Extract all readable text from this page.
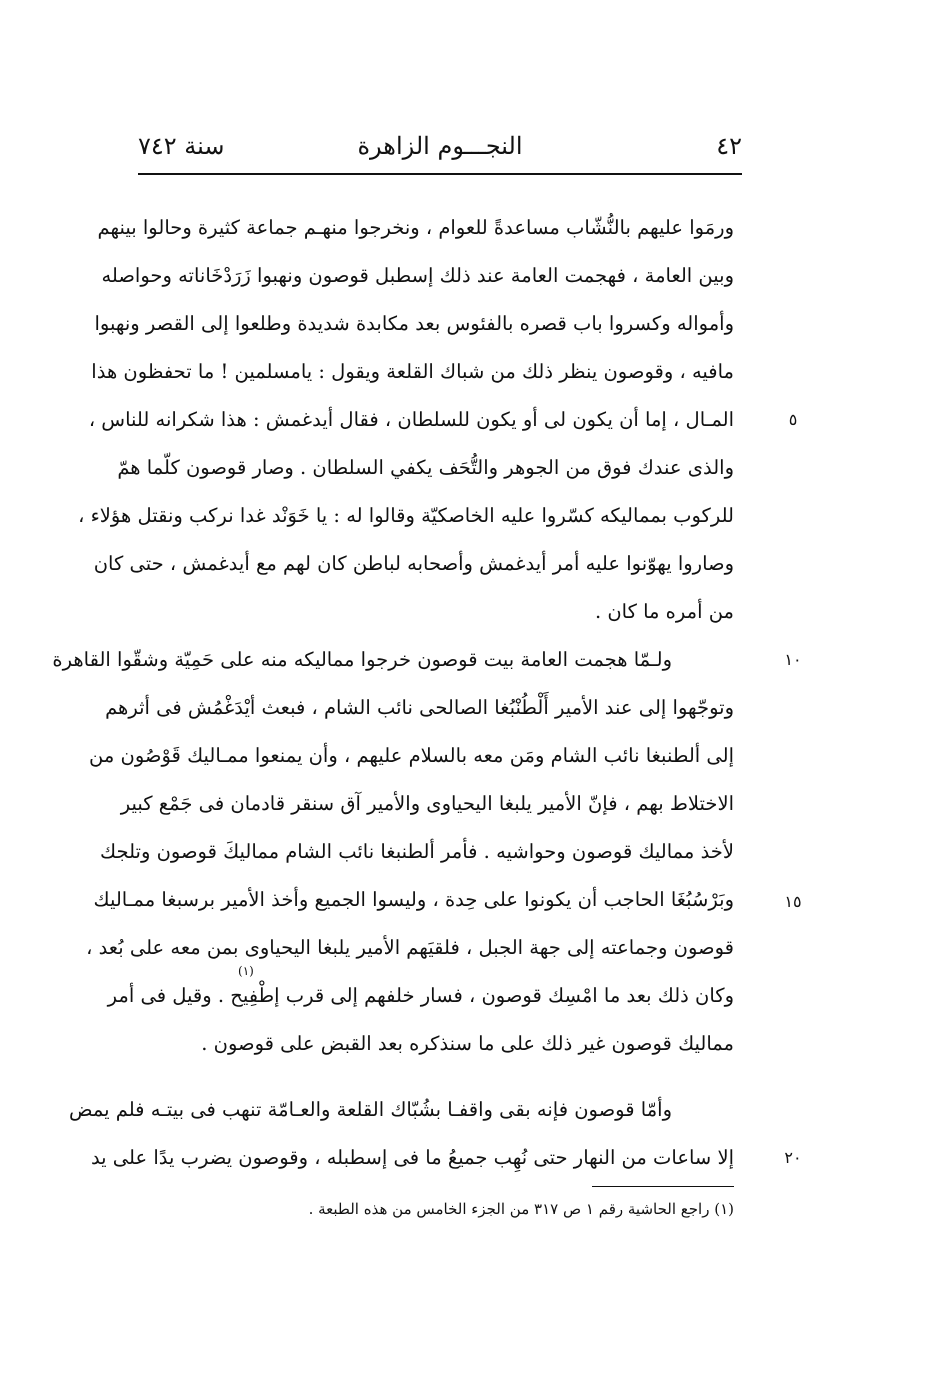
٤٢
النجـــوم الزاهرة
سنة ٧٤٢
ورمَوا عليهم بالنُّشّاب مساعدةً للعوام ، ونخرجوا منهـم جماعة كثيرة وحالوا بينهم
وبين العامة ، فهجمت العامة عند ذلك إسطبل قوصون ونهبوا زَرَدْخَاناته وحواصله
وأمواله وكسروا باب قصره بالفئوس بعد مكابدة شديدة وطلعوا إلى القصر ونهبوا
مافيه ، وقوصون ينظر ذلك من شباك القلعة ويقول : يامسلمين ! ما تحفظون هذا
المـال ، إما أن يكون لى أو يكون للسلطان ، فقال أيدغمش : هذا شكرانه للناس ،
والذى عندك فوق من الجوهر والتُّحَف يكفي السلطان . وصار قوصون كلّما همّ
للركوب بمماليكه كسّروا عليه الخاصكيّة وقالوا له : يا خَوَنْد غدا نركب ونقتل هؤلاء ،
وصاروا يهوّنوا عليه أمر أيدغمش وأصحابه لباطن كان لهم مع أيدغمش ، حتى كان
من أمره ما كان .
ولـمّا هجمت العامة بيت قوصون خرجوا مماليكه منه على حَمِيّة وشقّوا القاهرة
وتوجّهوا إلى عند الأمير أَلْطُنْبُغا الصالحى نائب الشام ، فبعث أيْدَغْمُش فى أثرهم
إلى ألطنبغا نائب الشام ومَن معه بالسلام عليهم ، وأن يمنعوا ممـاليك قَوْصُون من
الاختلاط بهم ، فإنّ الأمير يلبغا اليحياوى والأمير آق سنقر قادمان فى جَمْع كبير
لأخذ مماليك قوصون وحواشيه . فأمر ألطنبغا نائب الشام مماليكَ قوصون وتلجك
وبَرْسُبُغَا الحاجب أن يكونوا على حِدة ، وليسوا الجميع وأخذ الأمير برسبغا ممـاليك
قوصون وجماعته إلى جهة الجبل ، فلقيَهم الأمير يلبغا اليحياوى بمن معه على بُعد ،
وكان ذلك بعد ما امْسِك قوصون ، فسار خلفهم إلى قرب إطْفِيح . وقيل فى أمر
مماليك قوصون غير ذلك على ما سنذكره بعد القبض على قوصون .
وأمّا قوصون فإنه بقى واقفـا بشُبّاك القلعة والعـامّة تنهب فى بيتـه فلم يمض
إلا ساعات من النهار حتى نُهِب جميعُ ما فى إسطبله ، وقوصون يضرب يدًا على يد
(١)
٥
١٠
١٥
٢٠
(١) راجع الحاشية رقم ١ ص ٣١٧ من الجزء الخامس من هذه الطبعة .
